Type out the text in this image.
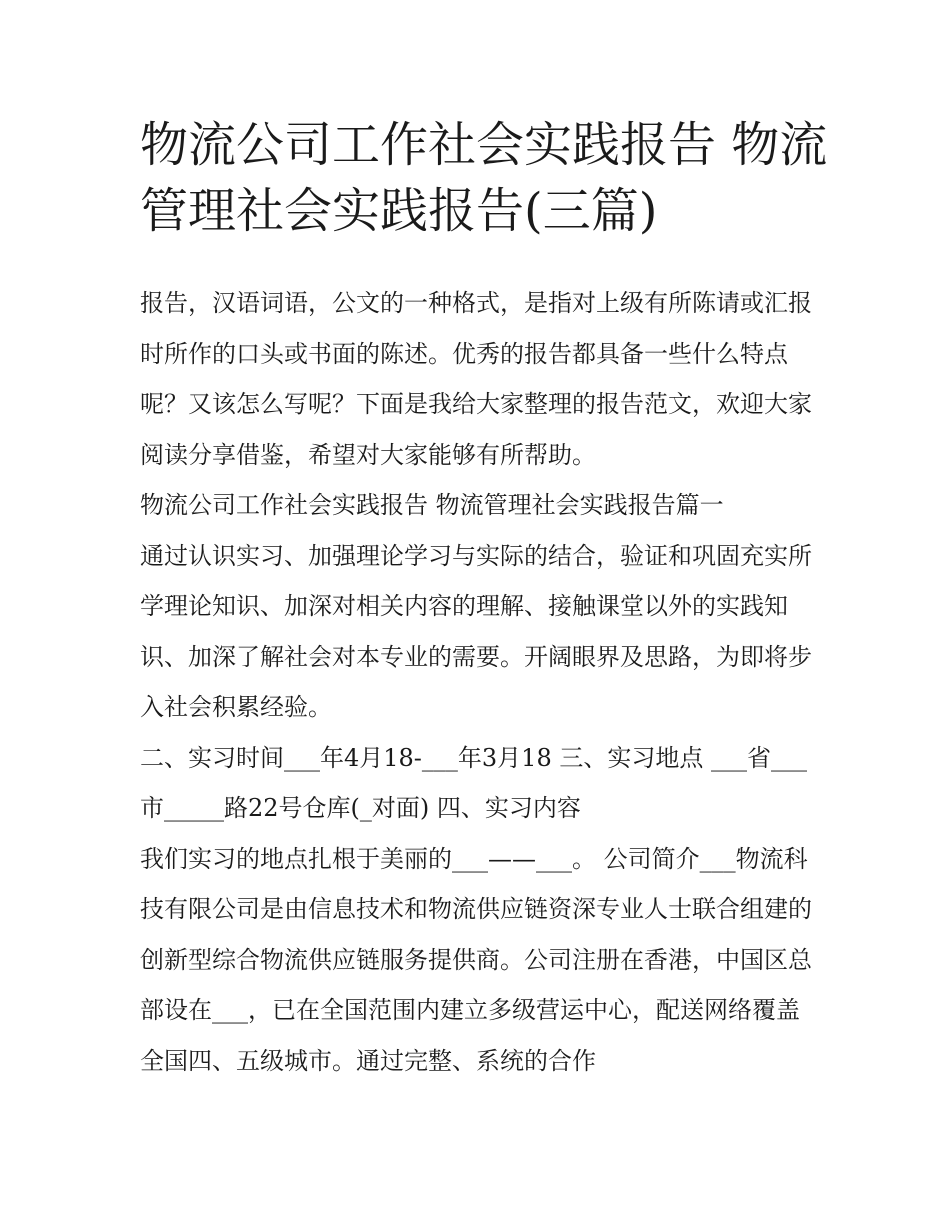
物流公司工作社会实践报告 物流管理社会实践报告(三篇)

报告，汉语词语，公文的一种格式，是指对上级有所陈请或汇报时所作的口头或书面的陈述。优秀的报告都具备一些什么特点呢？又该怎么写呢？下面是我给大家整理的报告范文，欢迎大家阅读分享借鉴，希望对大家能够有所帮助。

物流公司工作社会实践报告 物流管理社会实践报告篇一

通过认识实习、加强理论学习与实际的结合，验证和巩固充实所学理论知识、加深对相关内容的理解、接触课堂以外的实践知识、加深了解社会对本专业的需要。开阔眼界及思路，为即将步入社会积累经验。

二、实习时间___年4月18-___年3月18 三、实习地点 ___省___市_____路22号仓库(_对面) 四、实习内容

我们实习的地点扎根于美丽的___——___。 公司简介___物流科技有限公司是由信息技术和物流供应链资深专业人士联合组建的创新型综合物流供应链服务提供商。公司注册在香港，中国区总部设在___，已在全国范围内建立多级营运中心，配送网络覆盖全国四、五级城市。通过完整、系统的合作
